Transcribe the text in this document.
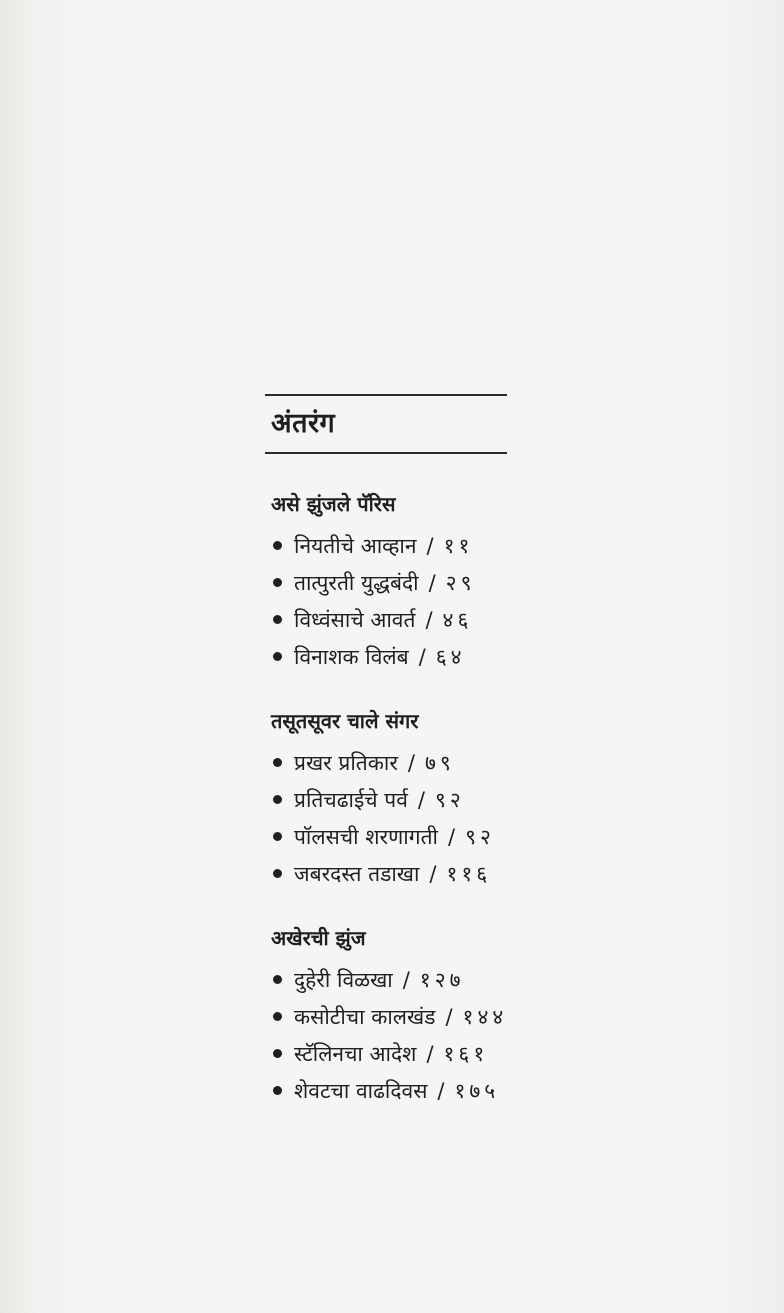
अंतरंग
असे झुंजले पॅरिस
नियतीचे आव्हान / ११
तात्पुरती युद्धबंदी / २९
विध्वंसाचे आवर्त / ४६
विनाशक विलंब / ६४
तसूतसूवर चाले संगर
प्रखर प्रतिकार / ७९
प्रतिचढाईचे पर्व / ९२
पॉलसची शरणागती / ९२
जबरदस्त तडाखा / ११६
अखेरची झुंज
दुहेरी विळखा / १२७
कसोटीचा कालखंड / १४४
स्टॅलिनचा आदेश / १६१
शेवटचा वाढदिवस / १७५
